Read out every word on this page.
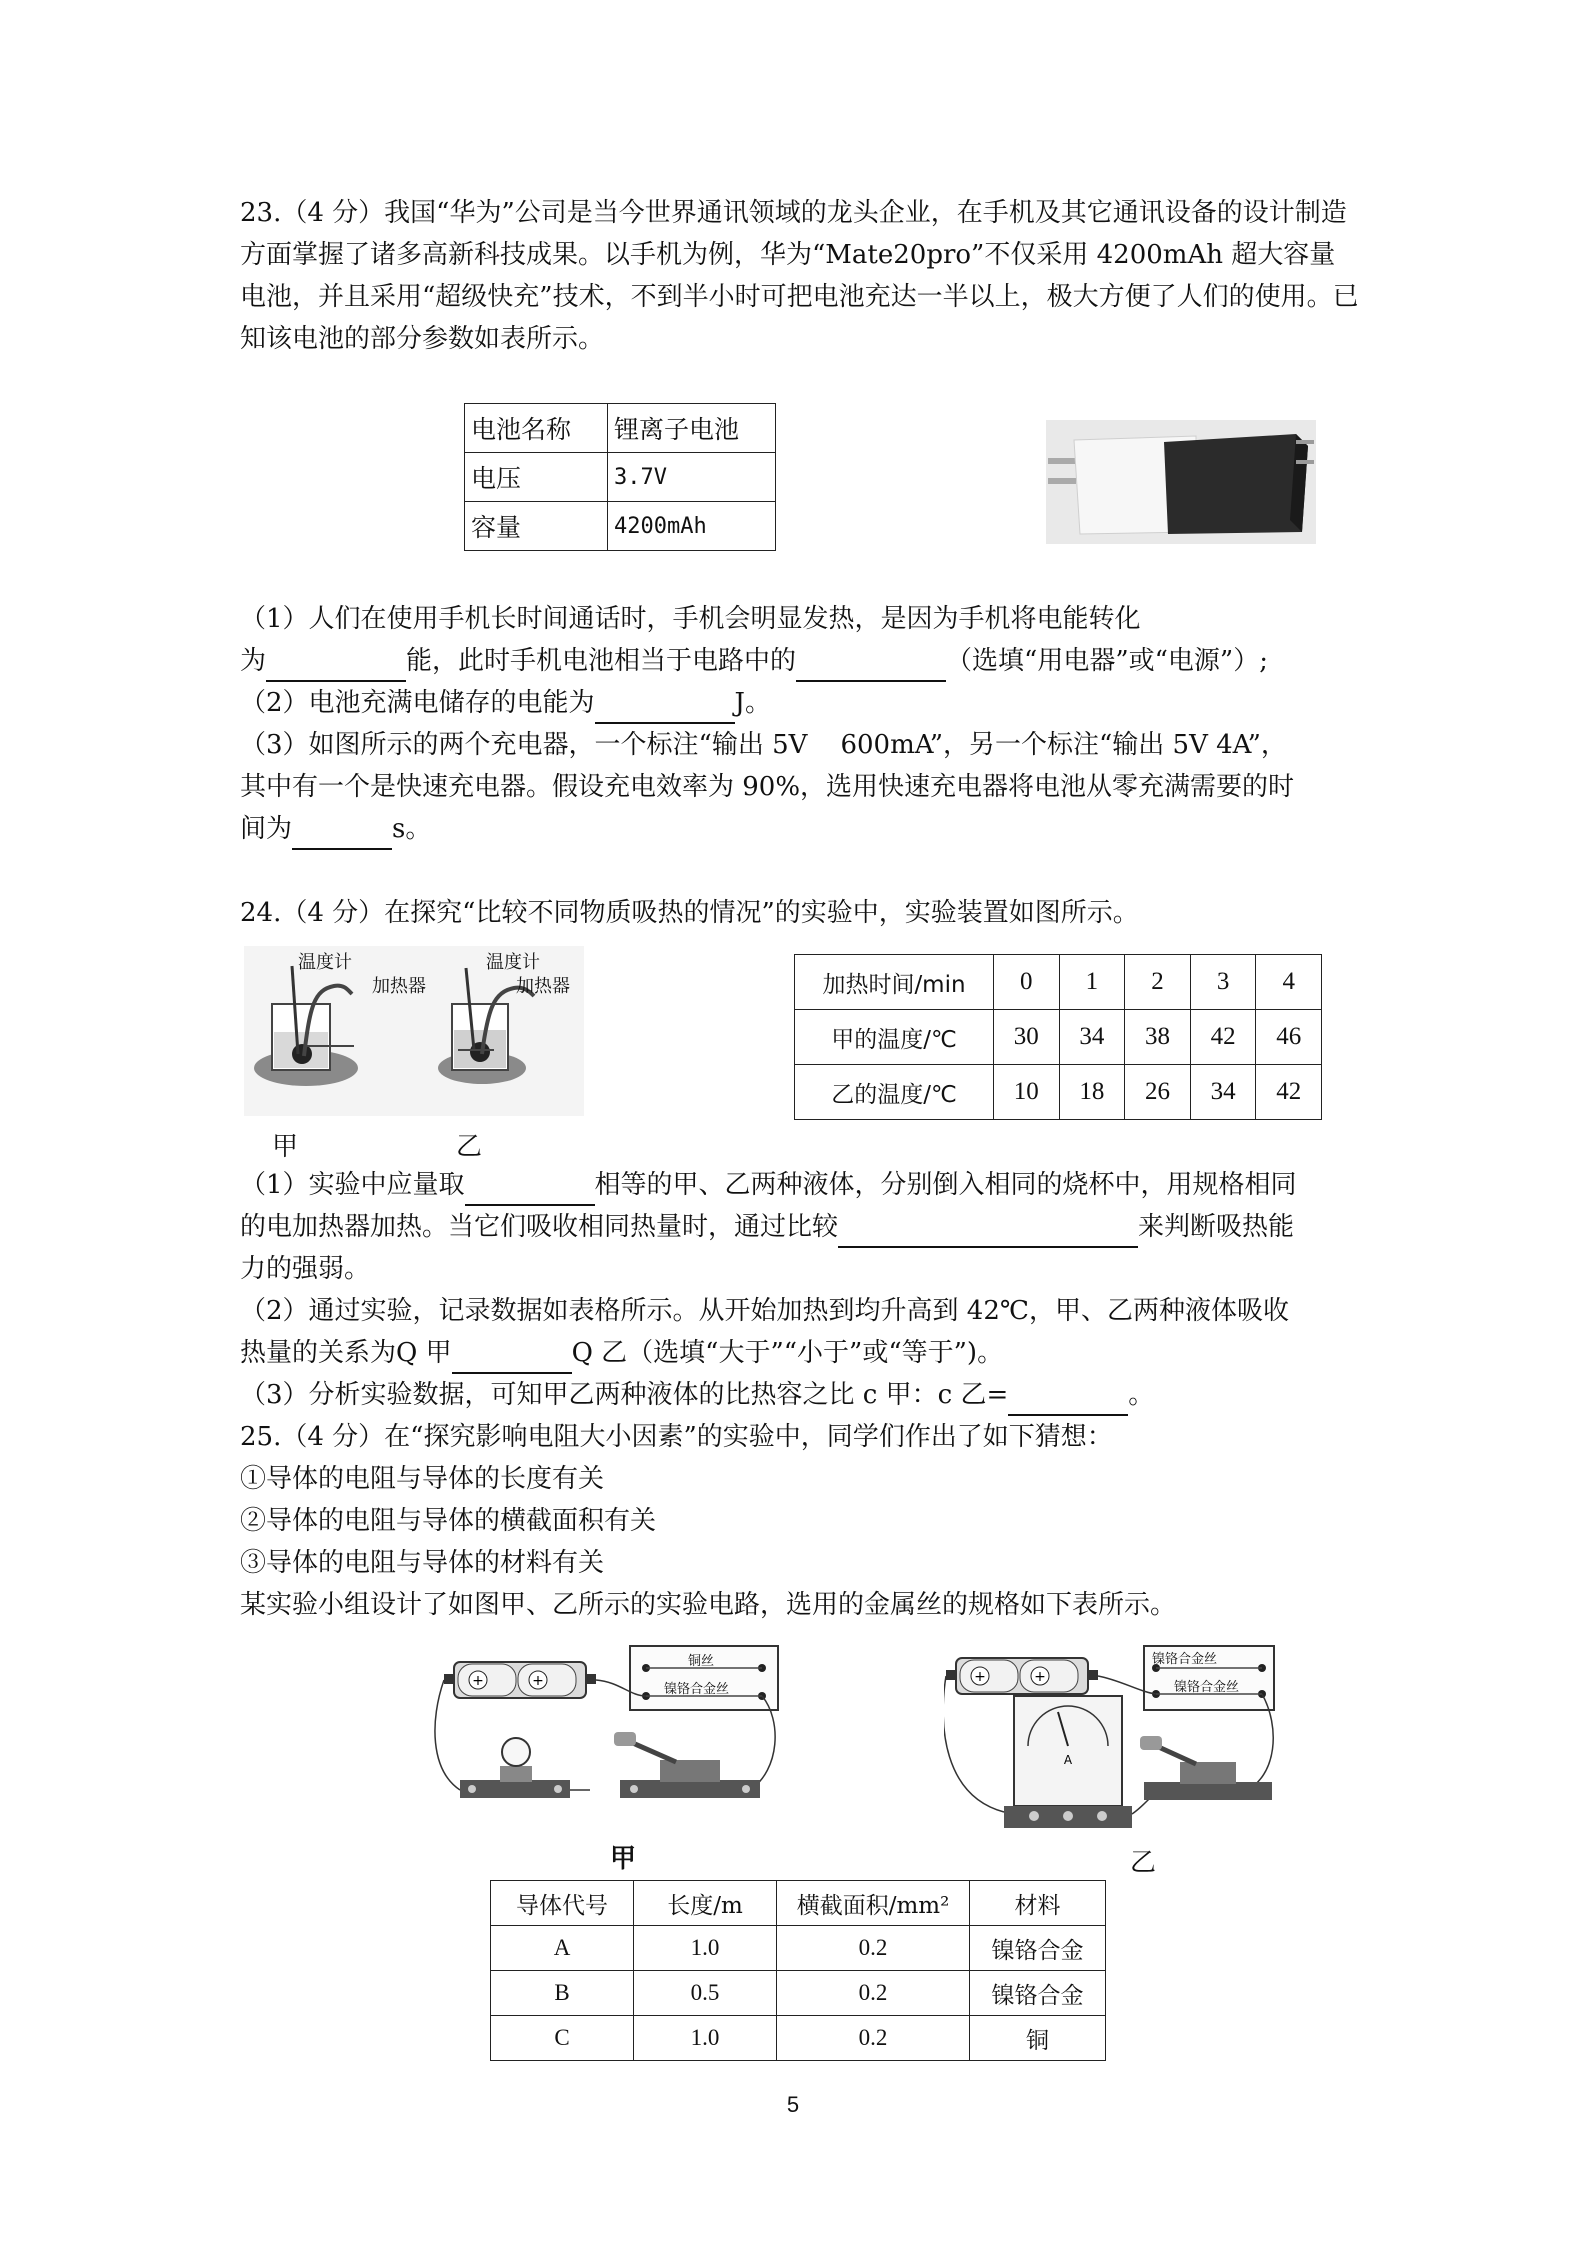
23.（4 分）我国“华为”公司是当今世界通讯领域的龙头企业，在手机及其它通讯设备的设计制造方面掌握了诸多高新科技成果。以手机为例，华为“Mate20pro”不仅采用 4200mAh 超大容量电池，并且采用“超级快充”技术，不到半小时可把电池充达一半以上，极大方便了人们的使用。已知该电池的部分参数如表所示。

电池名称	锂离子电池
电压	3.7V
容量	4200mAh
（1）人们在使用手机长时间通话时，手机会明显发热，是因为手机将电能转化
为	能，此时手机电池相当于电路中的	（选填“用电器”或“电源”）;
（2）电池充满电储存的电能为	J。
（3）如图所示的两个充电器，一个标注“输出 5V    600mA”，另一个标注“输出 5V 4A”，
其中有一个是快速充电器。假设充电效率为 90%，选用快速充电器将电池从零充满需要的时
间为	s。
24.（4 分）在探究“比较不同物质吸热的情况”的实验中，实验装置如图所示。
温度计
加热器
温度计
加热器
甲	乙
加热时间/min	0	1	2	3	4
甲的温度/℃	30	34	38	42	46
乙的温度/℃	10	18	26	34	42
（1）实验中应量取	相等的甲、乙两种液体，分别倒入相同的烧杯中，用规格相同
的电加热器加热。当它们吸收相同热量时，通过比较	来判断吸热能
力的强弱。
（2）通过实验，记录数据如表格所示。从开始加热到均升高到 42℃，甲、乙两种液体吸收
热量的关系为Q 甲	Q 乙（选填“大于”“小于”或“等于”)。
（3）分析实验数据，可知甲乙两种液体的比热容之比 c 甲：c 乙=	。
25.（4 分）在“探究影响电阻大小因素”的实验中，同学们作出了如下猜想：
①导体的电阻与导体的长度有关
②导体的电阻与导体的横截面积有关
③导体的电阻与导体的材料有关
某实验小组设计了如图甲、乙所示的实验电路，选用的金属丝的规格如下表所示。
+	+
铜丝
镍铬合金丝
甲
+	+
A
镍铬合金丝
镍铬合金丝
乙
导体代号	长度/m	横截面积/mm²	材料
A	1.0	0.2	镍铬合金
B	0.5	0.2	镍铬合金
C	1.0	0.2	铜
5
